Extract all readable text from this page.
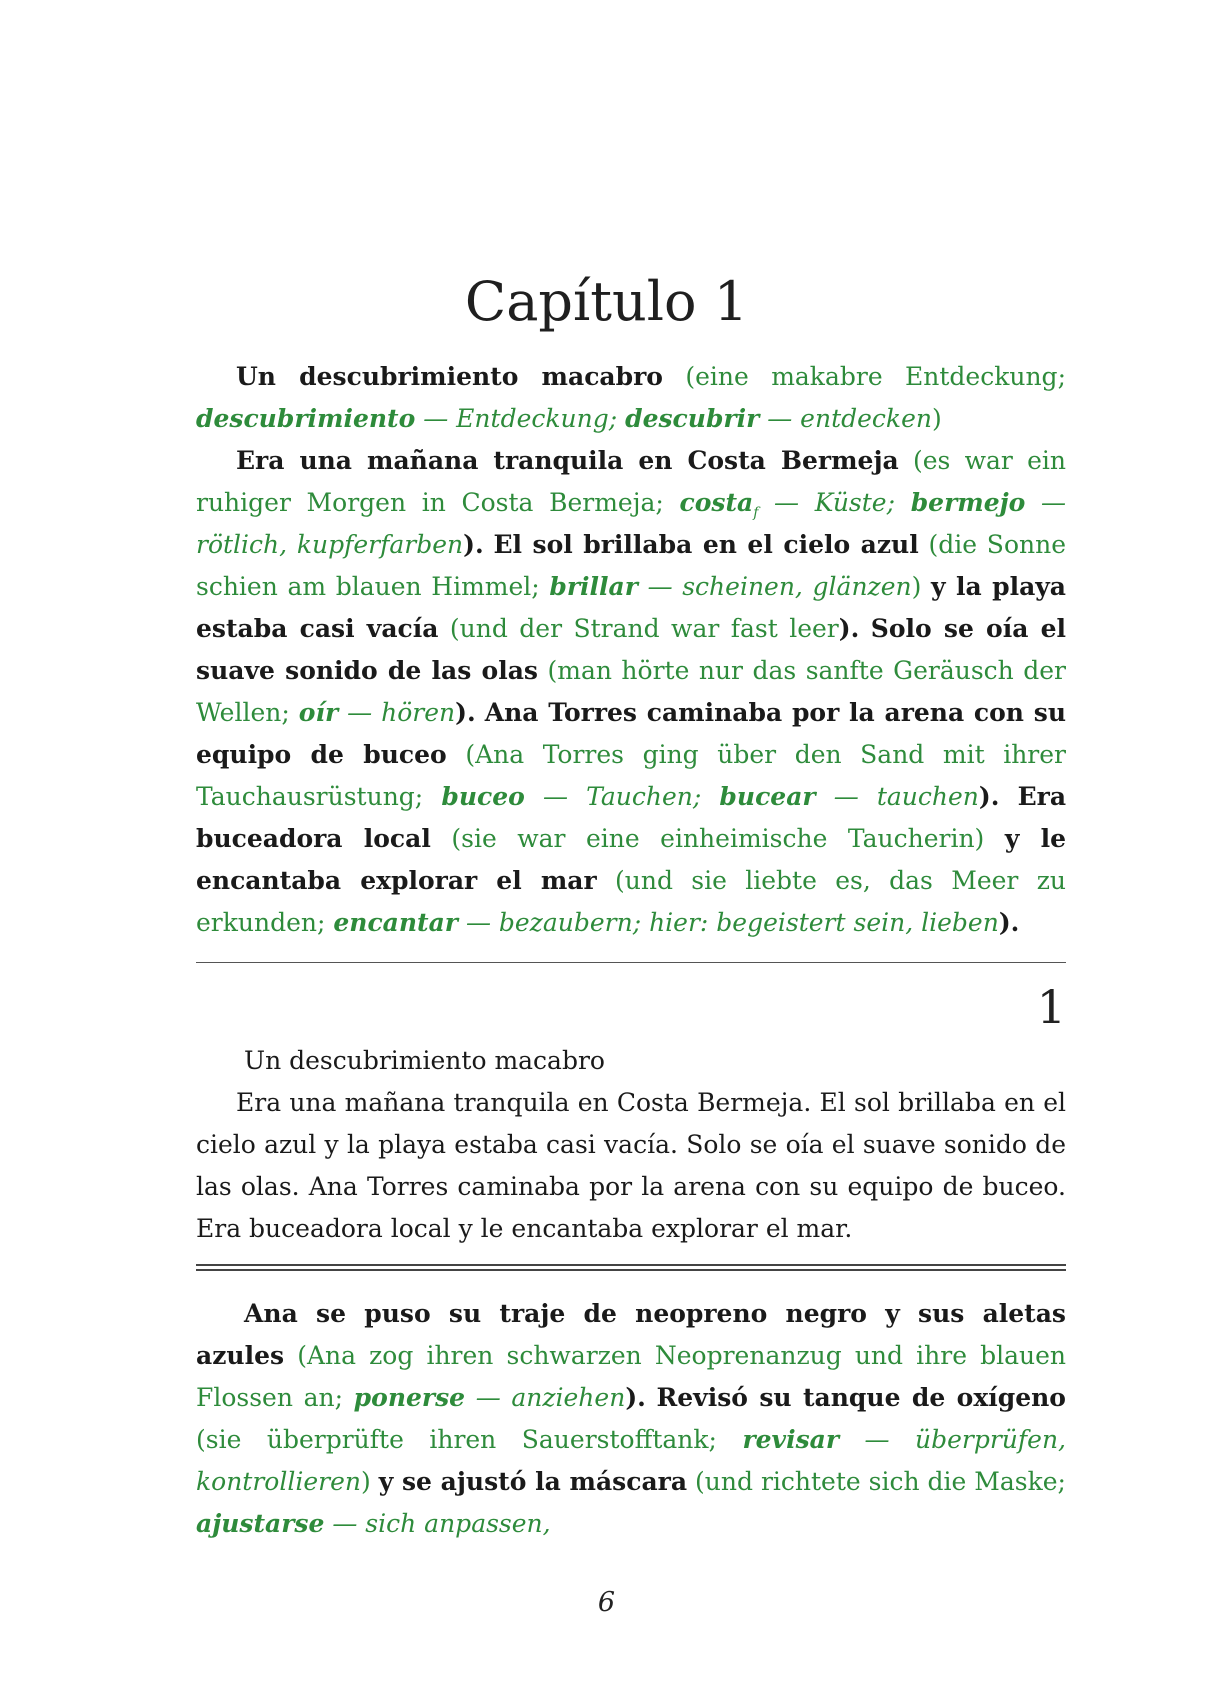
Capítulo 1

Un descubrimiento macabro (eine makabre Entdeckung; descubrimiento — Entdeckung; descubrir — entdecken)

Era una mañana tranquila en Costa Bermeja (es war ein ruhiger Morgen in Costa Bermeja; costa$_f$ — Küste; bermejo — rötlich, kupferfarben). El sol brillaba en el cielo azul (die Sonne schien am blauen Himmel; brillar — scheinen, glänzen) y la playa estaba casi vacía (und der Strand war fast leer). Solo se oía el suave sonido de las olas (man hörte nur das sanfte Geräusch der Wellen; oír — hören). Ana Torres caminaba por la arena con su equipo de buceo (Ana Torres ging über den Sand mit ihrer Tauchausrüstung; buceo — Tauchen; bucear — tauchen). Era buceadora local (sie war eine einheimische Taucherin) y le encantaba explorar el mar (und sie liebte es, das Meer zu erkunden; encantar — bezaubern; hier: begeistert sein, lieben).

1

Un descubrimiento macabro

Era una mañana tranquila en Costa Bermeja. El sol brillaba en el cielo azul y la playa estaba casi vacía. Solo se oía el suave sonido de las olas. Ana Torres caminaba por la arena con su equipo de buceo. Era buceadora local y le encantaba explorar el mar.

Ana se puso su traje de neopreno negro y sus aletas azules (Ana zog ihren schwarzen Neoprenanzug und ihre blauen Flossen an; ponerse — anziehen). Revisó su tanque de oxígeno (sie überprüfte ihren Sauerstofftank; revisar — überprüfen, kontrollieren) y se ajustó la máscara (und richtete sich die Maske; ajustarse — sich anpassen,

6
